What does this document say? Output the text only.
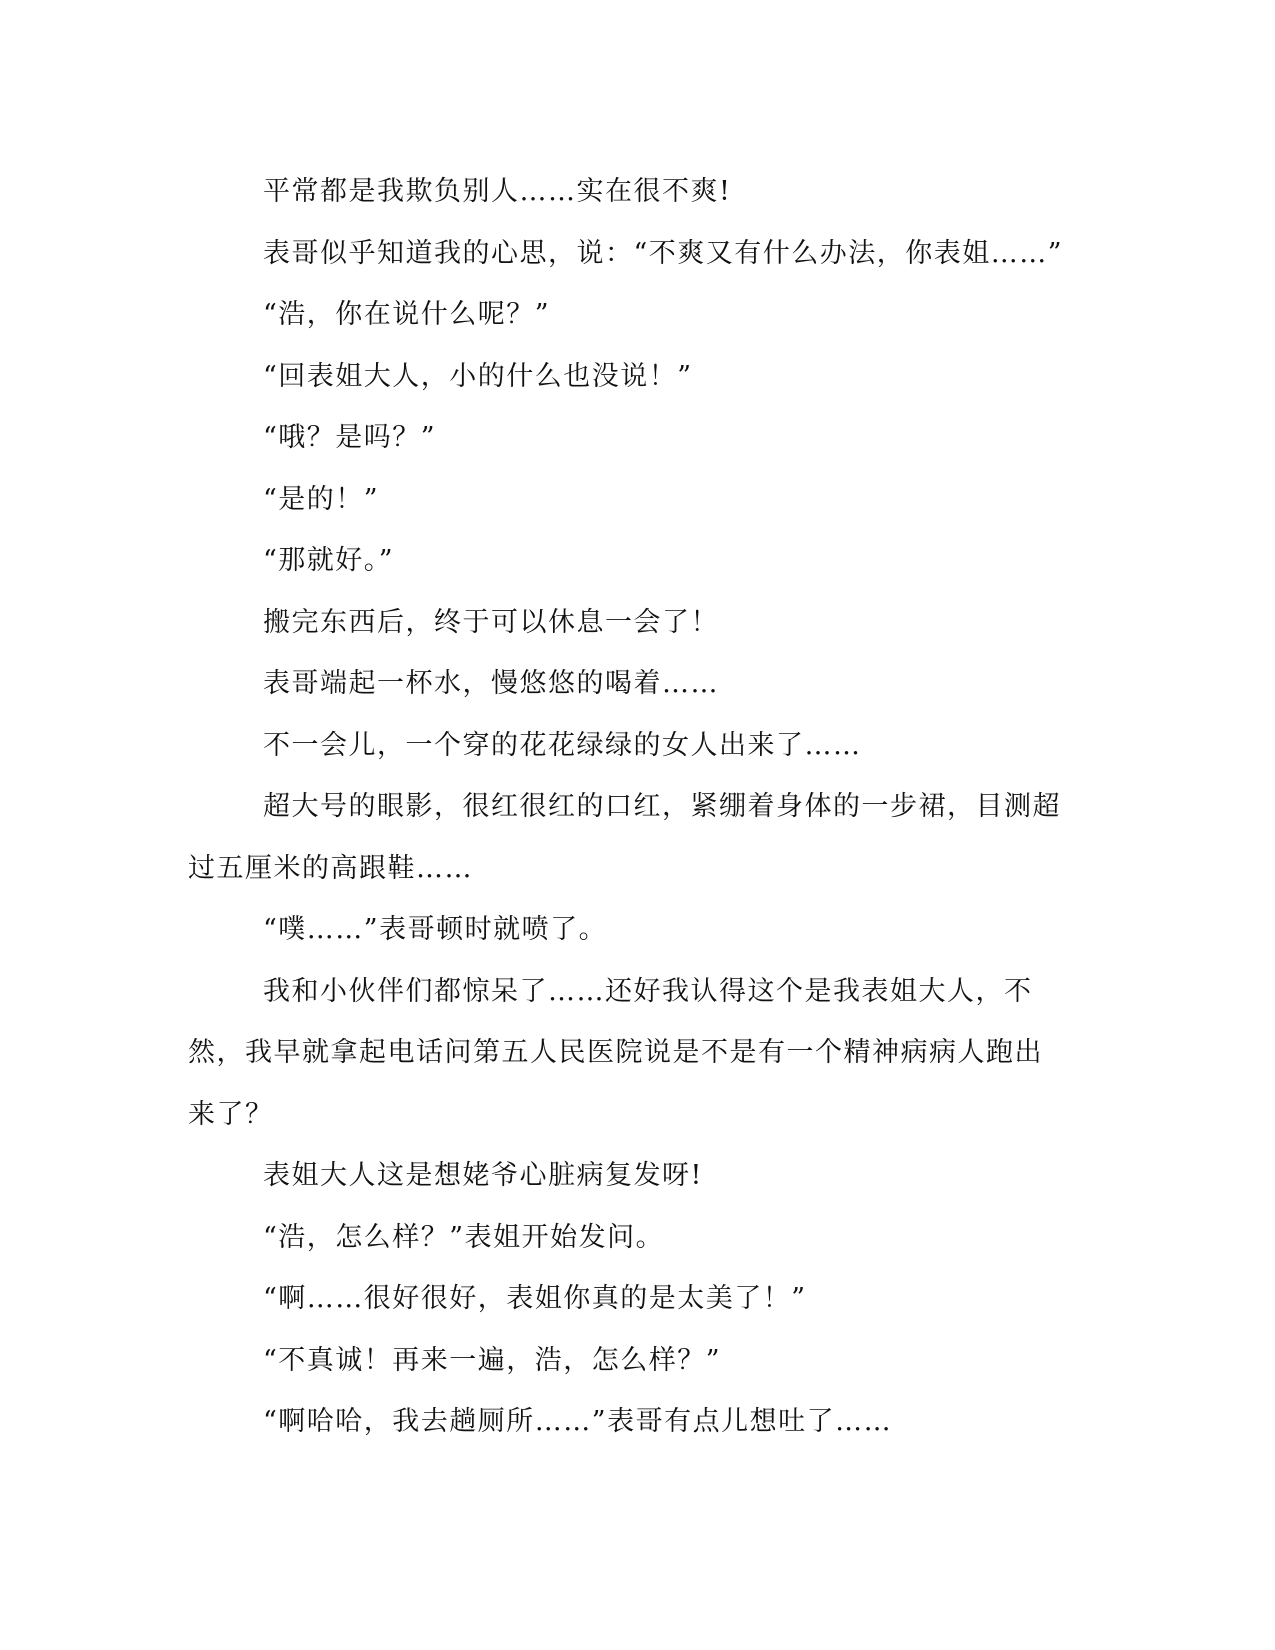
平常都是我欺负别人……实在很不爽!

表哥似乎知道我的心思，说：“不爽又有什么办法，你表姐……”

“浩，你在说什么呢？”

“回表姐大人，小的什么也没说！”

“哦？是吗？”

“是的！”

“那就好。”

搬完东西后，终于可以休息一会了！

表哥端起一杯水，慢悠悠的喝着……

不一会儿，一个穿的花花绿绿的女人出来了……

超大号的眼影，很红很红的口红，紧绷着身体的一步裙，目测超过五厘米的高跟鞋……

“噗……”表哥顿时就喷了。

我和小伙伴们都惊呆了……还好我认得这个是我表姐大人，不然，我早就拿起电话问第五人民医院说是不是有一个精神病病人跑出来了？

表姐大人这是想姥爷心脏病复发呀!

“浩，怎么样？”表姐开始发问。

“啊……很好很好，表姐你真的是太美了！”

“不真诚！再来一遍，浩，怎么样？”

“啊哈哈，我去趟厕所……”表哥有点儿想吐了……
